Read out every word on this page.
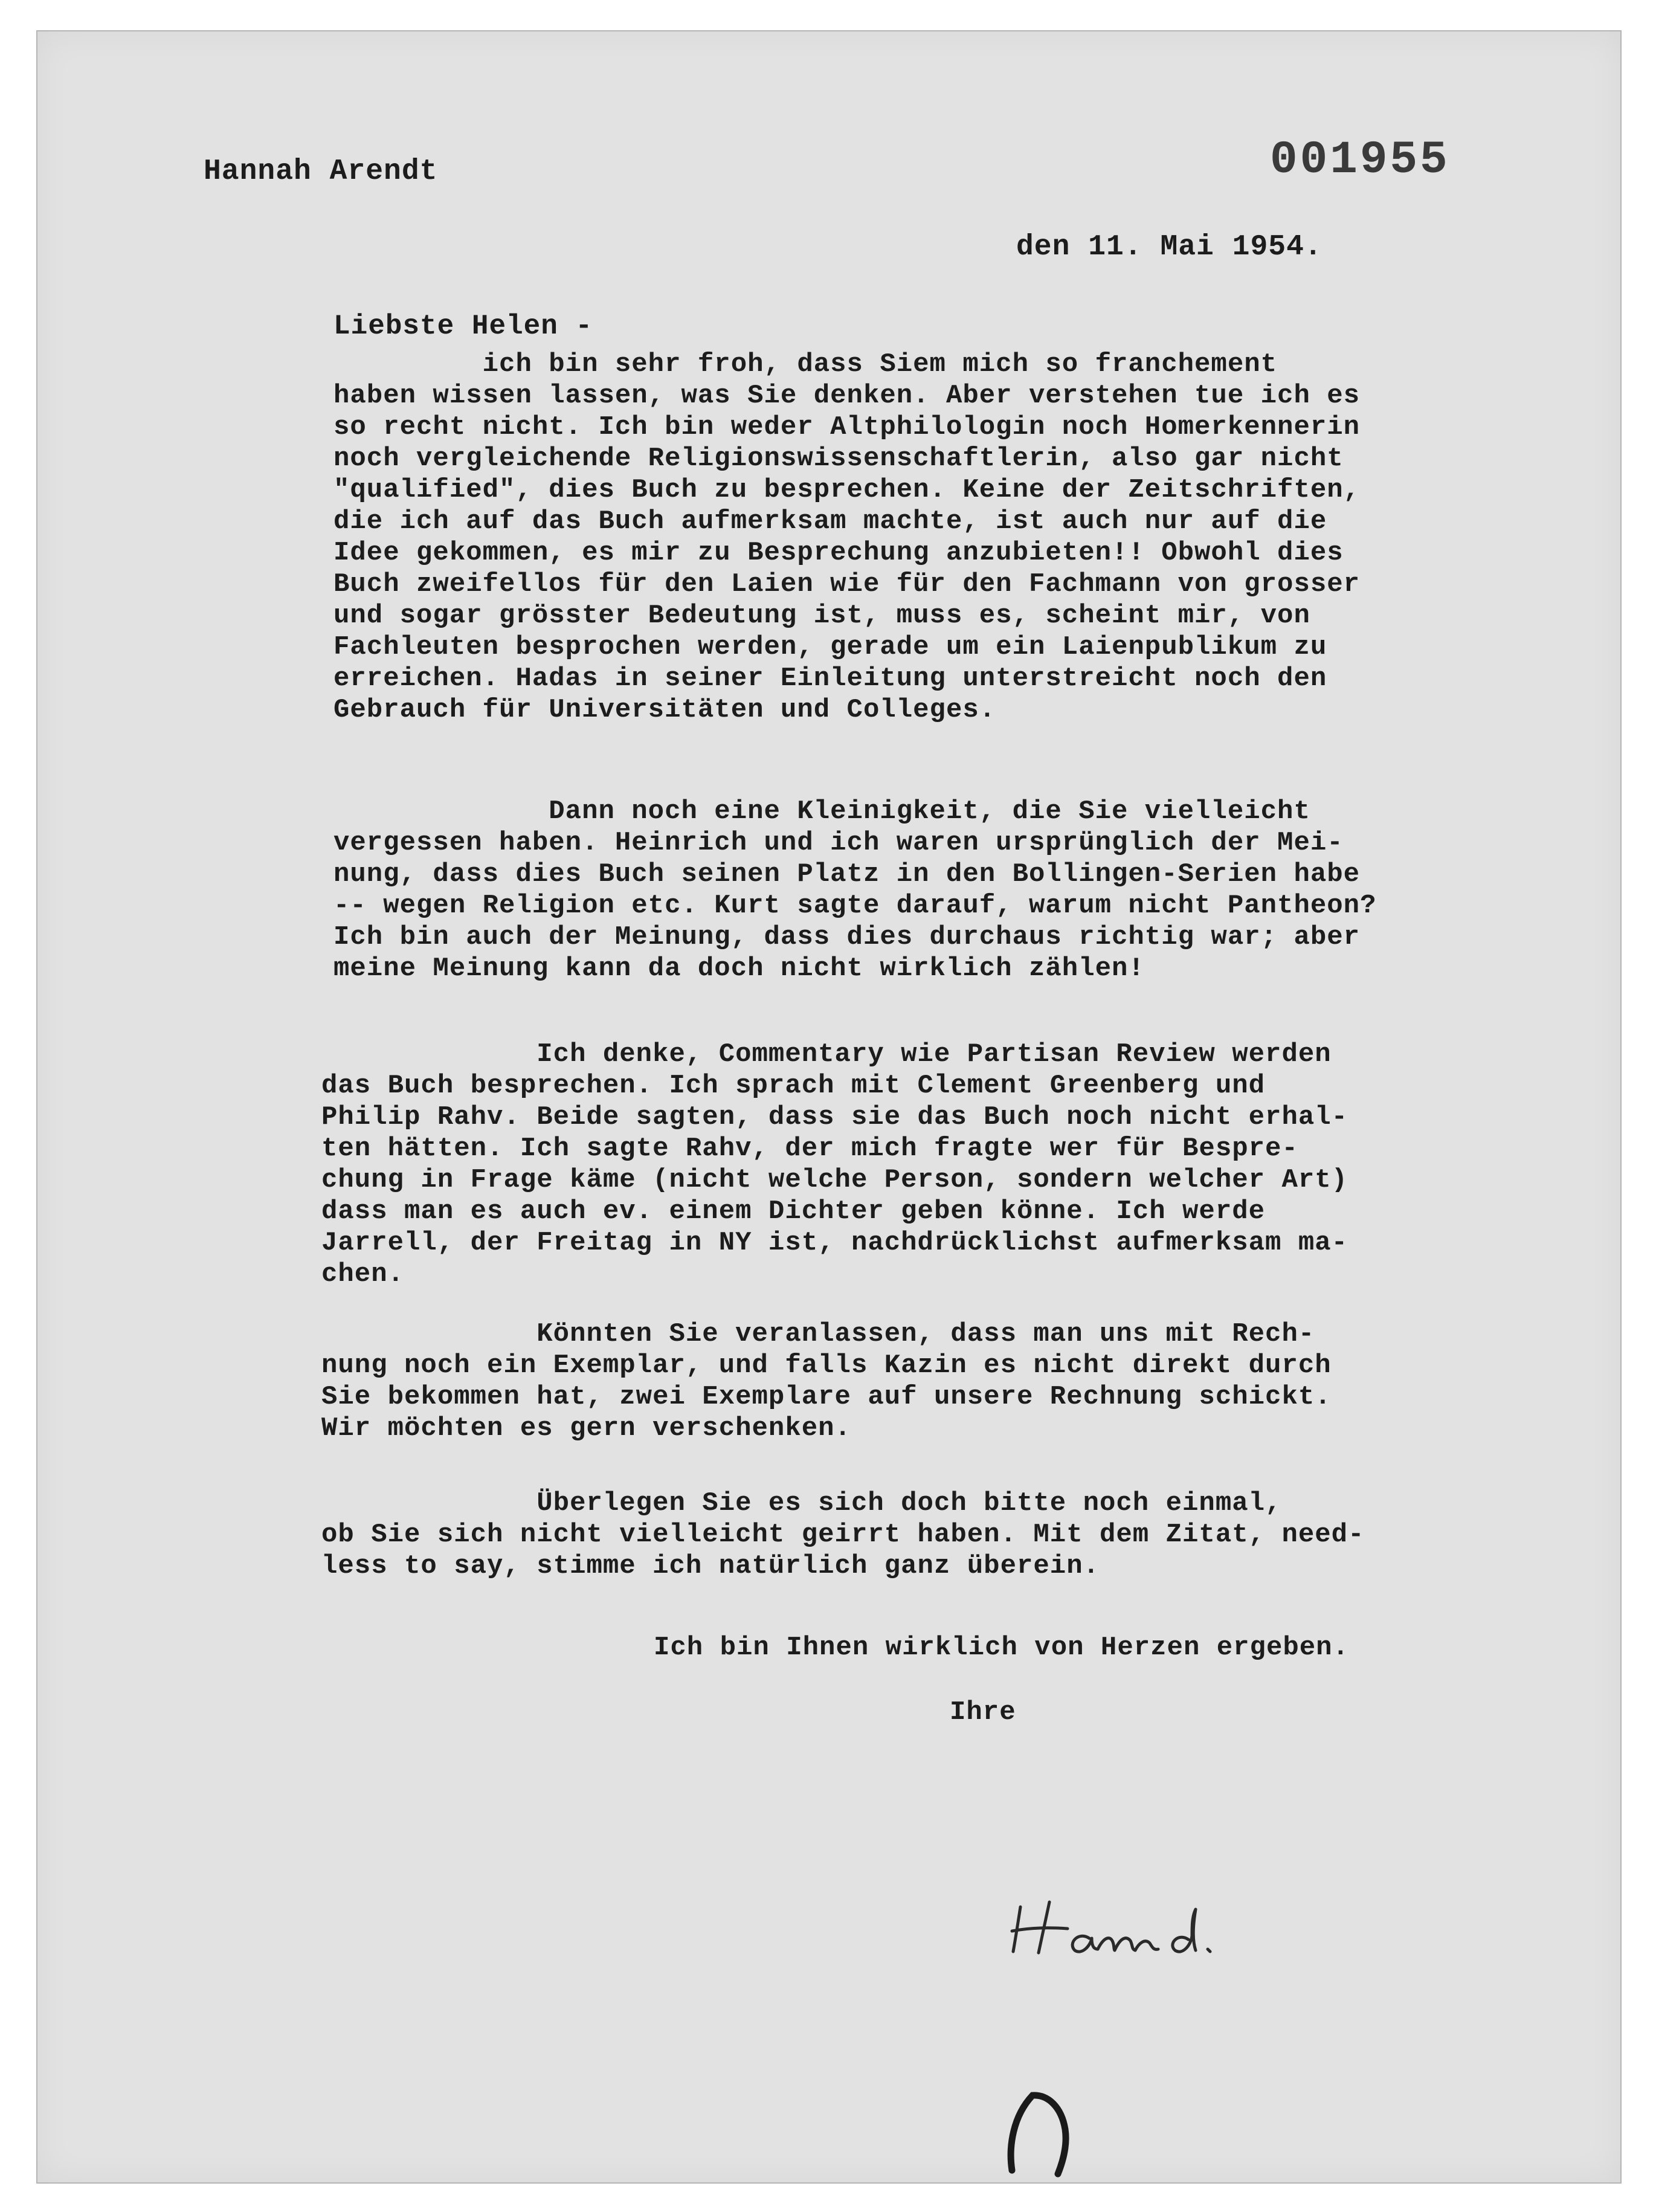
Hannah Arendt	001955
den 11. Mai 1954.
Liebste Helen -

ich bin sehr froh, dass Siem mich so franchement
haben wissen lassen, was Sie denken. Aber verstehen tue ich es
so recht nicht. Ich bin weder Altphilologin noch Homerkennerin
noch vergleichende Religionswissenschaftlerin, also gar nicht
"qualified", dies Buch zu besprechen. Keine der Zeitschriften,
die ich auf das Buch aufmerksam machte, ist auch nur auf die
Idee gekommen, es mir zu Besprechung anzubieten!! Obwohl dies
Buch zweifellos für den Laien wie für den Fachmann von grosser
und sogar grösster Bedeutung ist, muss es, scheint mir, von
Fachleuten besprochen werden, gerade um ein Laienpublikum zu
erreichen. Hadas in seiner Einleitung unterstreicht noch den
Gebrauch für Universitäten und Colleges.

Dann noch eine Kleinigkeit, die Sie vielleicht
vergessen haben. Heinrich und ich waren ursprünglich der Mei-
nung, dass dies Buch seinen Platz in den Bollingen-Serien habe
-- wegen Religion etc. Kurt sagte darauf, warum nicht Pantheon?
Ich bin auch der Meinung, dass dies durchaus richtig war; aber
meine Meinung kann da doch nicht wirklich zählen!

Ich denke, Commentary wie Partisan Review werden
das Buch besprechen. Ich sprach mit Clement Greenberg und
Philip Rahv. Beide sagten, dass sie das Buch noch nicht erhal-
ten hätten. Ich sagte Rahv, der mich fragte wer für Bespre-
chung in Frage käme (nicht welche Person, sondern welcher Art)
dass man es auch ev. einem Dichter geben könne. Ich werde
Jarrell, der Freitag in NY ist, nachdrücklichst aufmerksam ma-
chen.

Könnten Sie veranlassen, dass man uns mit Rech-
nung noch ein Exemplar, und falls Kazin es nicht direkt durch
Sie bekommen hat, zwei Exemplare auf unsere Rechnung schickt.
Wir möchten es gern verschenken.

Überlegen Sie es sich doch bitte noch einmal,
ob Sie sich nicht vielleicht geirrt haben. Mit dem Zitat, need-
less to say, stimme ich natürlich ganz überein.

Ich bin Ihnen wirklich von Herzen ergeben.
Ihre
